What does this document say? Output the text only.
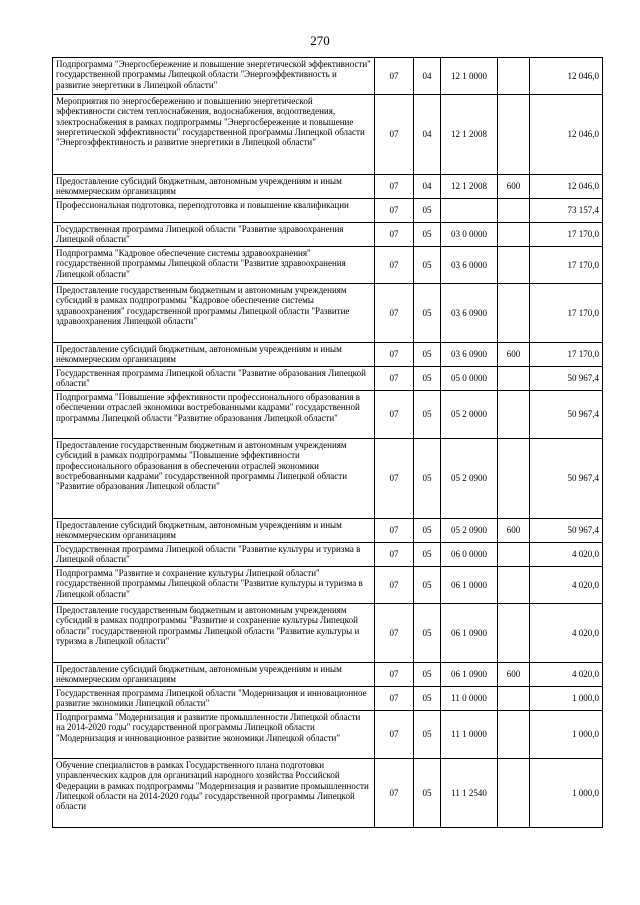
270
Подпрограмма "Энергосбережение и повышение энергетической эффективности" государственной программы Липецкой области "Энергоэффективность и развитие энергетики в Липецкой области"	07	04	12 1 0000		12 046,0
Мероприятия по энергосбережению и повышению энергетической эффективности систем теплоснабжения, водоснабжения, водоотведения, электроснабжения в рамках подпрограммы "Энергосбережение и повышение энергетической эффективности" государственной программы Липецкой области "Энергоэффективность и развитие энергетики в Липецкой области"	07	04	12 1 2008		12 046,0
Предоставление субсидий бюджетным, автономным учреждениям и иным некоммерческим организациям	07	04	12 1 2008	600	12 046,0
Профессиональная подготовка, переподготовка и повышение квалификации	07	05			73 157,4
Государственная программа Липецкой области "Развитие здравоохранения Липецкой области"	07	05	03 0 0000		17 170,0
Подпрограмма "Кадровое обеспечение системы здравоохранения" государственной программы Липецкой области "Развитие здравоохранения Липецкой области"	07	05	03 6 0000		17 170,0
Предоставление государственным бюджетным и автономным учреждениям субсидий в рамках подпрограммы "Кадровое обеспечение системы здравоохранения" государственной программы Липецкой области "Развитие здравоохранения Липецкой области"	07	05	03 6 0900		17 170,0
Предоставление субсидий бюджетным, автономным учреждениям и иным некоммерческим организациям	07	05	03 6 0900	600	17 170,0
Государственная программа Липецкой области "Развитие образования Липецкой области"	07	05	05 0 0000		50 967,4
Подпрограмма "Повышение эффективности профессионального образования в обеспечении отраслей экономики востребованными кадрами" государственной программы Липецкой области "Развитие образования Липецкой области"	07	05	05 2 0000		50 967,4
Предоставление государственным бюджетным и автономным учреждениям субсидий в рамках подпрограммы "Повышение эффективности профессионального образования в обеспечении отраслей экономики востребованными кадрами" государственной программы Липецкой области "Развитие образования Липецкой области"	07	05	05 2 0900		50 967,4
Предоставление субсидий бюджетным, автономным учреждениям и иным некоммерческим организациям	07	05	05 2 0900	600	50 967,4
Государственная программа Липецкой области "Развитие культуры и туризма в Липецкой области"	07	05	06 0 0000		4 020,0
Подпрограмма "Развитие и сохранение культуры Липецкой области" государственной программы Липецкой области "Развитие культуры и туризма в Липецкой области"	07	05	06 1 0000		4 020,0
Предоставление государственным бюджетным и автономным учреждениям субсидий в рамках подпрограммы "Развитие и сохранение культуры Липецкой области" государственной программы Липецкой области "Развитие культуры и туризма в Липецкой области"	07	05	06 1 0900		4 020,0
Предоставление субсидий бюджетным, автономным учреждениям и иным некоммерческим организациям	07	05	06 1 0900	600	4 020,0
Государственная программа Липецкой области "Модернизация и инновационное развитие экономики Липецкой области"	07	05	11 0 0000		1 000,0
Подпрограмма "Модернизация и развитие промышленности Липецкой области на 2014-2020 годы" государственной программы Липецкой области "Модернизация и инновационное развитие экономики Липецкой области"	07	05	11 1 0000		1 000,0
Обучение специалистов в рамках Государственного плана подготовки управленческих кадров для организаций народного хозяйства Российской Федерации в рамках подпрограммы "Модернизация и развитие промышленности Липецкой области на 2014-2020 годы" государственной программы Липецкой области	07	05	11 1 2540		1 000,0
